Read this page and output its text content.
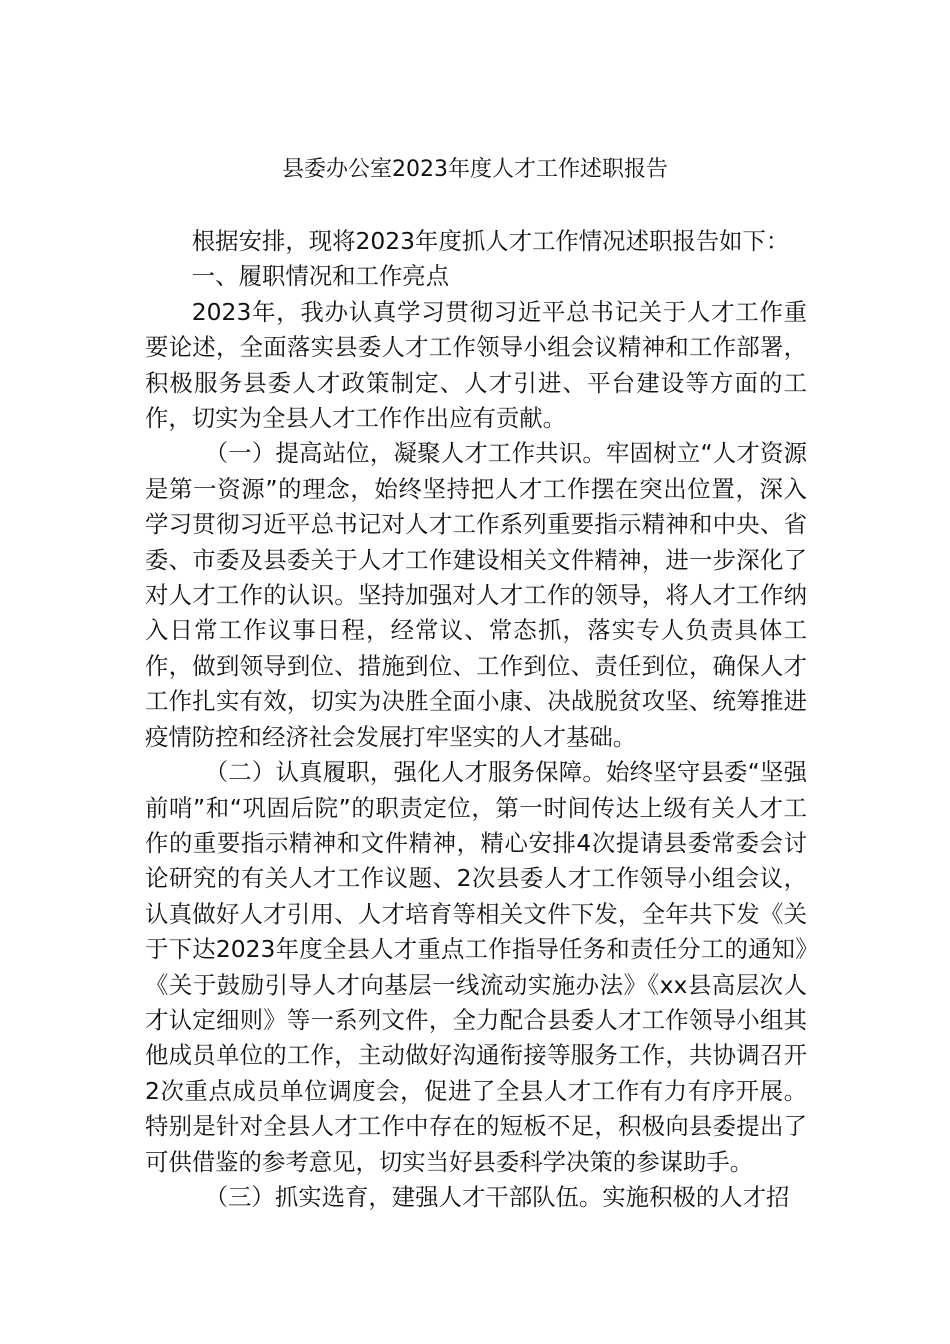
县委办公室2023年度人才工作述职报告

根据安排，现将2023年度抓人才工作情况述职报告如下：

一、履职情况和工作亮点

2023年，我办认真学习贯彻习近平总书记关于人才工作重要论述，全面落实县委人才工作领导小组会议精神和工作部署，积极服务县委人才政策制定、人才引进、平台建设等方面的工作，切实为全县人才工作作出应有贡献。

（一）提高站位，凝聚人才工作共识。牢固树立“人才资源是第一资源”的理念，始终坚持把人才工作摆在突出位置，深入学习贯彻习近平总书记对人才工作系列重要指示精神和中央、省委、市委及县委关于人才工作建设相关文件精神，进一步深化了对人才工作的认识。坚持加强对人才工作的领导，将人才工作纳入日常工作议事日程，经常议、常态抓，落实专人负责具体工作，做到领导到位、措施到位、工作到位、责任到位，确保人才工作扎实有效，切实为决胜全面小康、决战脱贫攻坚、统筹推进疫情防控和经济社会发展打牢坚实的人才基础。

（二）认真履职，强化人才服务保障。始终坚守县委“坚强前哨”和“巩固后院”的职责定位，第一时间传达上级有关人才工作的重要指示精神和文件精神，精心安排4次提请县委常委会讨论研究的有关人才工作议题、2次县委人才工作领导小组会议，认真做好人才引用、人才培育等相关文件下发，全年共下发《关于下达2023年度全县人才重点工作指导任务和责任分工的通知》《关于鼓励引导人才向基层一线流动实施办法》《xx县高层次人才认定细则》等一系列文件，全力配合县委人才工作领导小组其他成员单位的工作，主动做好沟通衔接等服务工作，共协调召开2次重点成员单位调度会，促进了全县人才工作有力有序开展。特别是针对全县人才工作中存在的短板不足，积极向县委提出了可供借鉴的参考意见，切实当好县委科学决策的参谋助手。

（三）抓实选育，建强人才干部队伍。实施积极的人才招
